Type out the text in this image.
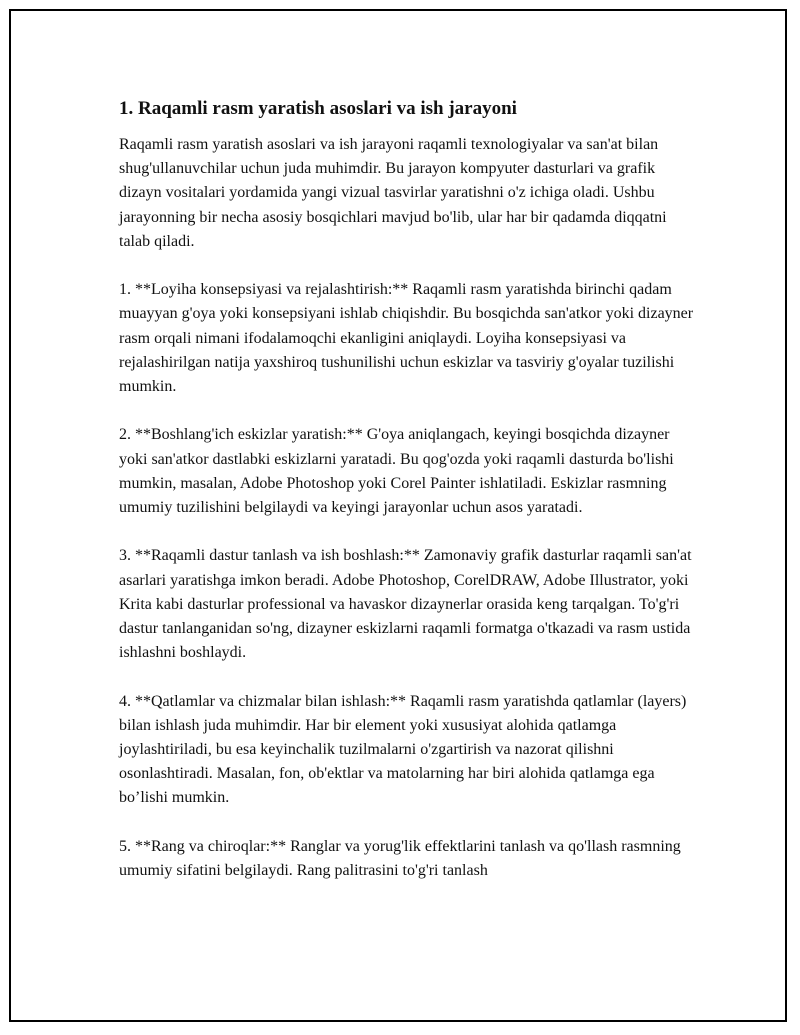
1. Raqamli rasm yaratish asoslari va ish jarayoni

Raqamli rasm yaratish asoslari va ish jarayoni raqamli texnologiyalar va san'at bilan shug'ullanuvchilar uchun juda muhimdir. Bu jarayon kompyuter dasturlari va grafik dizayn vositalari yordamida yangi vizual tasvirlar yaratishni o'z ichiga oladi. Ushbu jarayonning bir necha asosiy bosqichlari mavjud bo'lib, ular har bir qadamda diqqatni talab qiladi.

1. **Loyiha konsepsiyasi va rejalashtirish:** Raqamli rasm yaratishda birinchi qadam muayyan g'oya yoki konsepsiyani ishlab chiqishdir. Bu bosqichda san'atkor yoki dizayner rasm orqali nimani ifodalamoqchi ekanligini aniqlaydi. Loyiha konsepsiyasi va rejalashirilgan natija yaxshiroq tushunilishi uchun eskizlar va tasviriy g'oyalar tuzilishi mumkin.

2. **Boshlang'ich eskizlar yaratish:** G'oya aniqlangach, keyingi bosqichda dizayner yoki san'atkor dastlabki eskizlarni yaratadi. Bu qog'ozda yoki raqamli dasturda bo'lishi mumkin, masalan, Adobe Photoshop yoki Corel Painter ishlatiladi. Eskizlar rasmning umumiy tuzilishini belgilaydi va keyingi jarayonlar uchun asos yaratadi.

3. **Raqamli dastur tanlash va ish boshlash:** Zamonaviy grafik dasturlar raqamli san'at asarlari yaratishga imkon beradi. Adobe Photoshop, CorelDRAW, Adobe Illustrator, yoki Krita kabi dasturlar professional va havaskor dizaynerlar orasida keng tarqalgan. To'g'ri dastur tanlanganidan so'ng, dizayner eskizlarni raqamli formatga o'tkazadi va rasm ustida ishlashni boshlaydi.

4. **Qatlamlar va chizmalar bilan ishlash:** Raqamli rasm yaratishda qatlamlar (layers) bilan ishlash juda muhimdir. Har bir element yoki xususiyat alohida qatlamga joylashtiriladi, bu esa keyinchalik tuzilmalarni o'zgartirish va nazorat qilishni osonlashtiradi. Masalan, fon, ob'ektlar va matolarning har biri alohida qatlamga ega bo’lishi mumkin.

5. **Rang va chiroqlar:** Ranglar va yorug'lik effektlarini tanlash va qo'llash rasmning umumiy sifatini belgilaydi. Rang palitrasini to'g'ri tanlash
